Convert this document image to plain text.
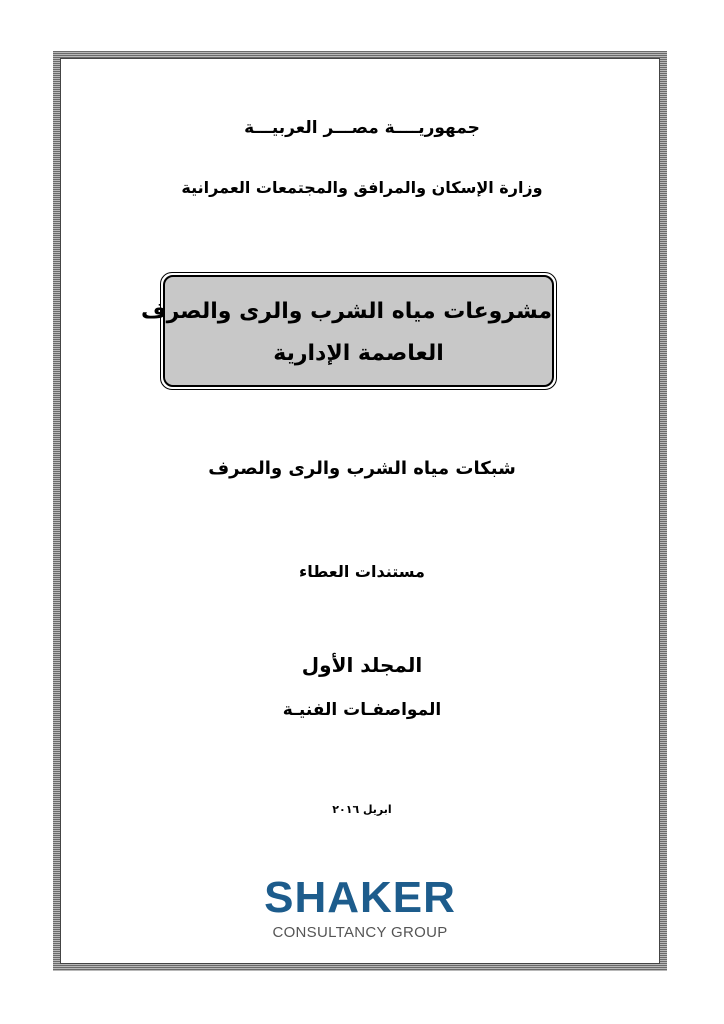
جمهوريــــة مصـــر العربيـــة
وزارة الإسكان والمرافق والمجتمعات العمرانية
مشروعات مياه الشرب والرى والصرف
العاصمة الإدارية
شبكات مياه الشرب والرى والصرف
مستندات العطاء
المجلد الأول
المواصفـات الفنيـة
ابريل ٢٠١٦
SHAKER
CONSULTANCY GROUP
